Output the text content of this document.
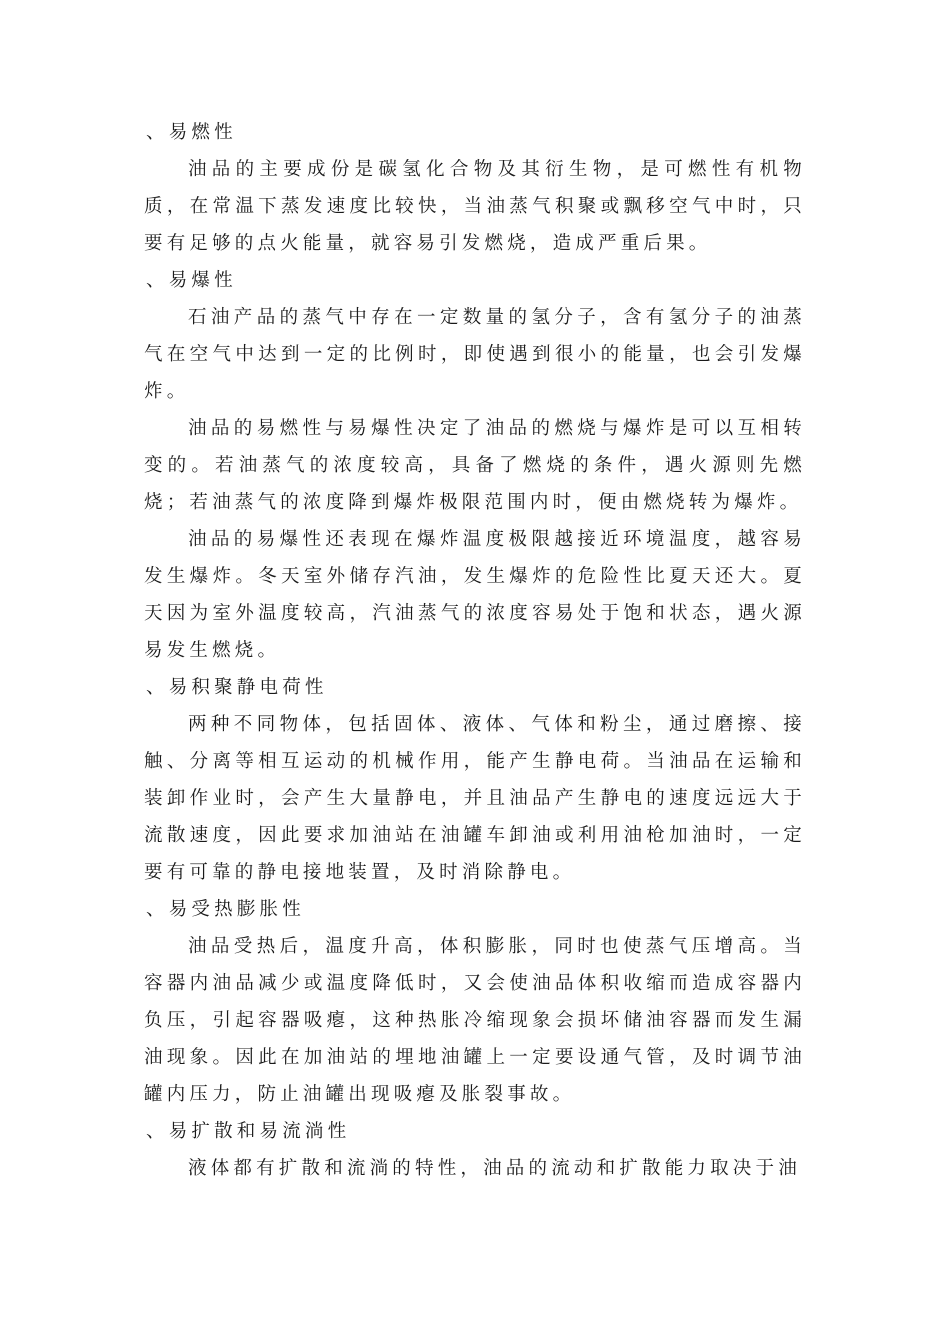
、易燃性

油品的主要成份是碳氢化合物及其衍生物，是可燃性有机物质，在常温下蒸发速度比较快，当油蒸气积聚或飘移空气中时，只要有足够的点火能量，就容易引发燃烧，造成严重后果。

、易爆性

石油产品的蒸气中存在一定数量的氢分子，含有氢分子的油蒸气在空气中达到一定的比例时，即使遇到很小的能量，也会引发爆炸。

油品的易燃性与易爆性决定了油品的燃烧与爆炸是可以互相转变的。若油蒸气的浓度较高，具备了燃烧的条件，遇火源则先燃烧；若油蒸气的浓度降到爆炸极限范围内时，便由燃烧转为爆炸。

油品的易爆性还表现在爆炸温度极限越接近环境温度，越容易发生爆炸。冬天室外储存汽油，发生爆炸的危险性比夏天还大。夏天因为室外温度较高，汽油蒸气的浓度容易处于饱和状态，遇火源易发生燃烧。

、易积聚静电荷性

两种不同物体，包括固体、液体、气体和粉尘，通过磨擦、接触、分离等相互运动的机械作用，能产生静电荷。当油品在运输和装卸作业时，会产生大量静电，并且油品产生静电的速度远远大于流散速度，因此要求加油站在油罐车卸油或利用油枪加油时，一定要有可靠的静电接地装置，及时消除静电。

、易受热膨胀性

油品受热后，温度升高，体积膨胀，同时也使蒸气压增高。当容器内油品减少或温度降低时，又会使油品体积收缩而造成容器内负压，引起容器吸瘪，这种热胀冷缩现象会损坏储油容器而发生漏油现象。因此在加油站的埋地油罐上一定要设通气管，及时调节油罐内压力，防止油罐出现吸瘪及胀裂事故。

、易扩散和易流淌性

液体都有扩散和流淌的特性，油品的流动和扩散能力取决于油
